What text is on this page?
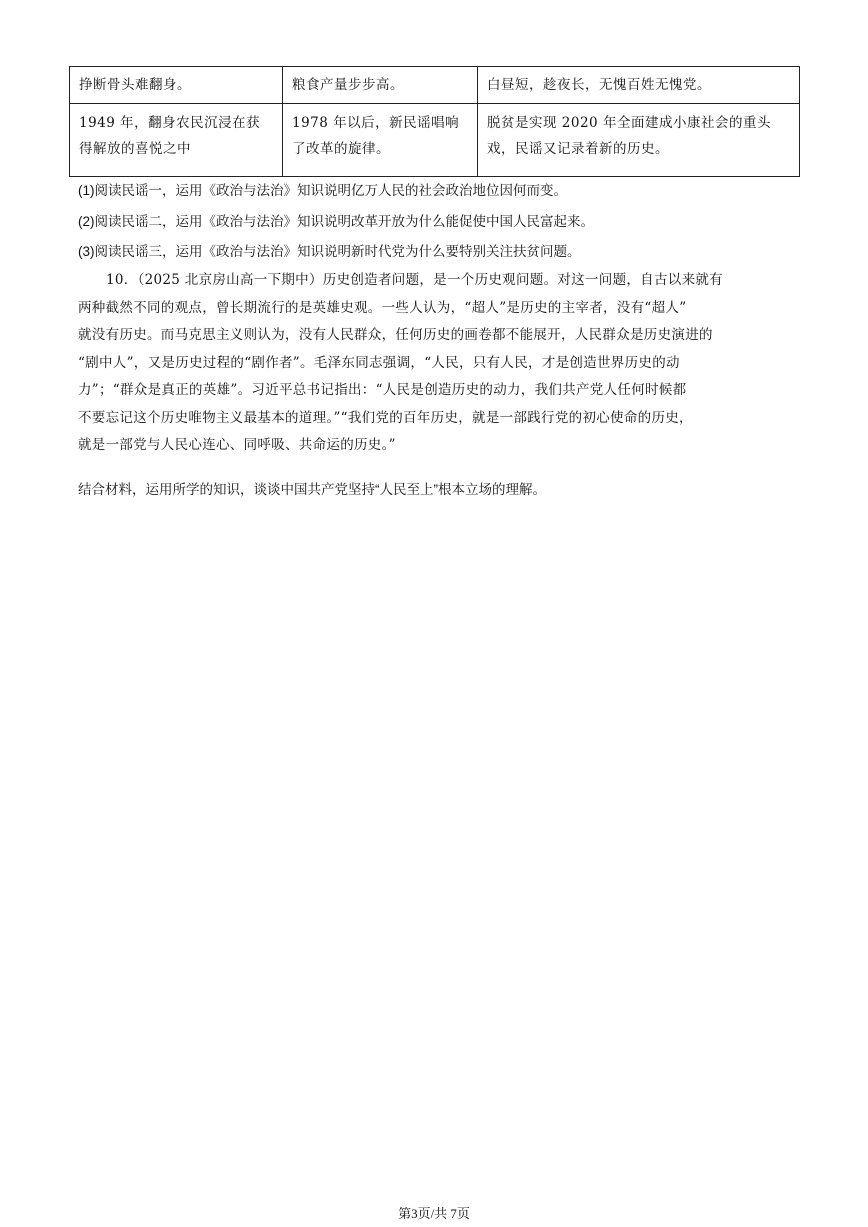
挣断骨头难翻身。	粮食产量步步高。	白昼短，趁夜长，无愧百姓无愧党。
1949 年，翻身农民沉浸在获得解放的喜悦之中	1978 年以后，新民谣唱响了改革的旋律。	脱贫是实现 2020 年全面建成小康社会的重头戏，民谣又记录着新的历史。
(1)阅读民谣一，运用《政治与法治》知识说明亿万人民的社会政治地位因何而变。
(2)阅读民谣二，运用《政治与法治》知识说明改革开放为什么能促使中国人民富起来。
(3)阅读民谣三，运用《政治与法治》知识说明新时代党为什么要特别关注扶贫问题。
10．（2025 北京房山高一下期中）历史创造者问题，是一个历史观问题。对这一问题，自古以来就有
两种截然不同的观点，曾长期流行的是英雄史观。一些人认为，“超人”是历史的主宰者，没有“超人”
就没有历史。而马克思主义则认为，没有人民群众，任何历史的画卷都不能展开，人民群众是历史演进的
“剧中人”，又是历史过程的“剧作者”。毛泽东同志强调，“人民，只有人民，才是创造世界历史的动
力”；“群众是真正的英雄”。习近平总书记指出：“人民是创造历史的动力，我们共产党人任何时候都
不要忘记这个历史唯物主义最基本的道理。”“我们党的百年历史，就是一部践行党的初心使命的历史，
就是一部党与人民心连心、同呼吸、共命运的历史。”
结合材料，运用所学的知识，谈谈中国共产党坚持“人民至上”根本立场的理解。
第3页/共 7页
